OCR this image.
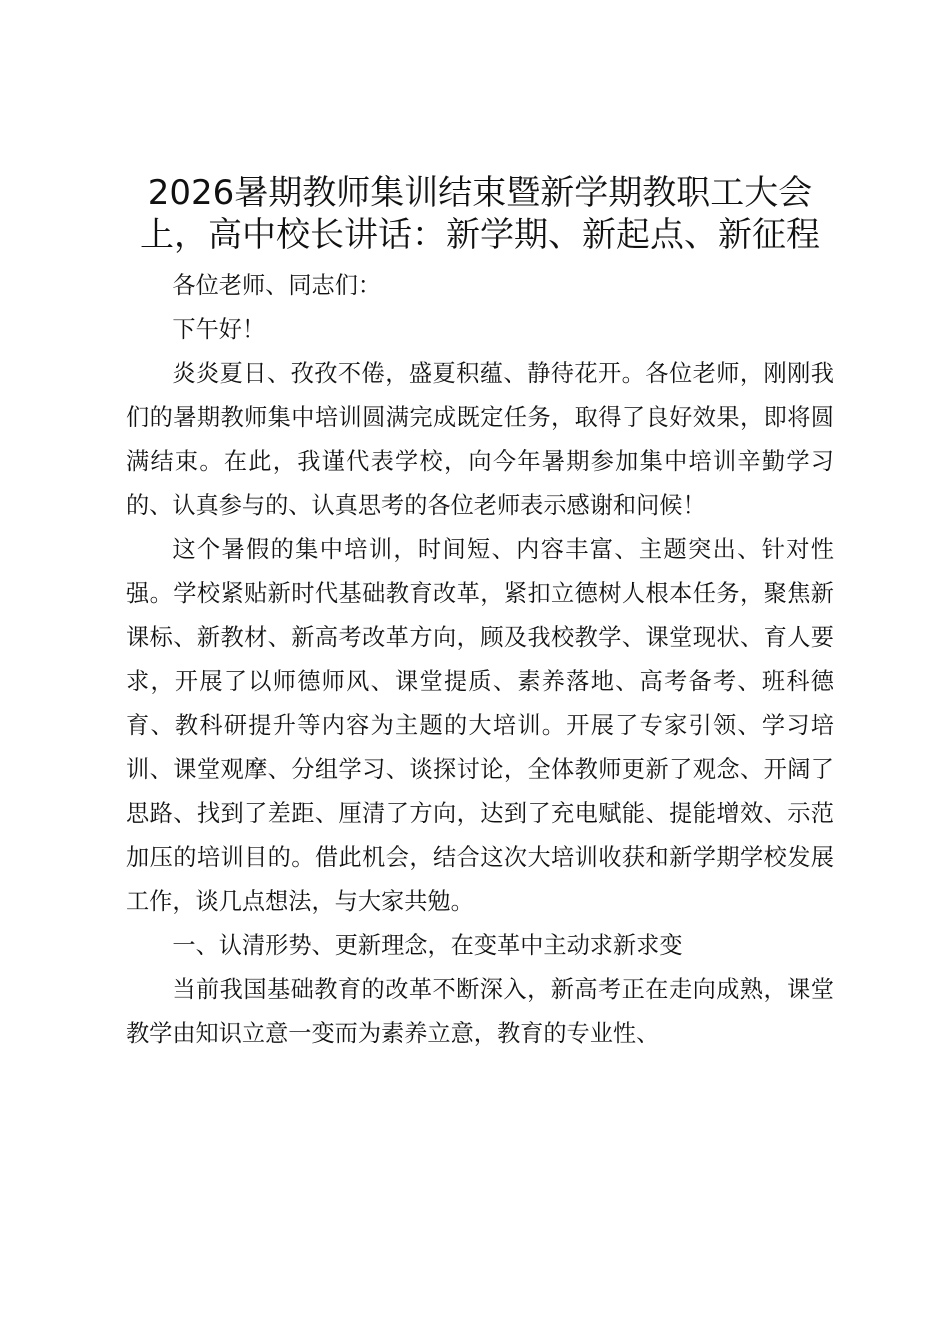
2026暑期教师集训结束暨新学期教职工大会
上，高中校长讲话：新学期、新起点、新征程

各位老师、同志们：

下午好！

炎炎夏日、孜孜不倦，盛夏积蕴、静待花开。各位老师，刚刚我们的暑期教师集中培训圆满完成既定任务，取得了良好效果，即将圆满结束。在此，我谨代表学校，向今年暑期参加集中培训辛勤学习的、认真参与的、认真思考的各位老师表示感谢和问候！

这个暑假的集中培训，时间短、内容丰富、主题突出、针对性强。学校紧贴新时代基础教育改革，紧扣立德树人根本任务，聚焦新课标、新教材、新高考改革方向，顾及我校教学、课堂现状、育人要求，开展了以师德师风、课堂提质、素养落地、高考备考、班科德育、教科研提升等内容为主题的大培训。开展了专家引领、学习培训、课堂观摩、分组学习、谈探讨论，全体教师更新了观念、开阔了思路、找到了差距、厘清了方向，达到了充电赋能、提能增效、示范加压的培训目的。借此机会，结合这次大培训收获和新学期学校发展工作，谈几点想法，与大家共勉。

一、认清形势、更新理念，在变革中主动求新求变

当前我国基础教育的改革不断深入，新高考正在走向成熟，课堂教学由知识立意一变而为素养立意，教育的专业性、
